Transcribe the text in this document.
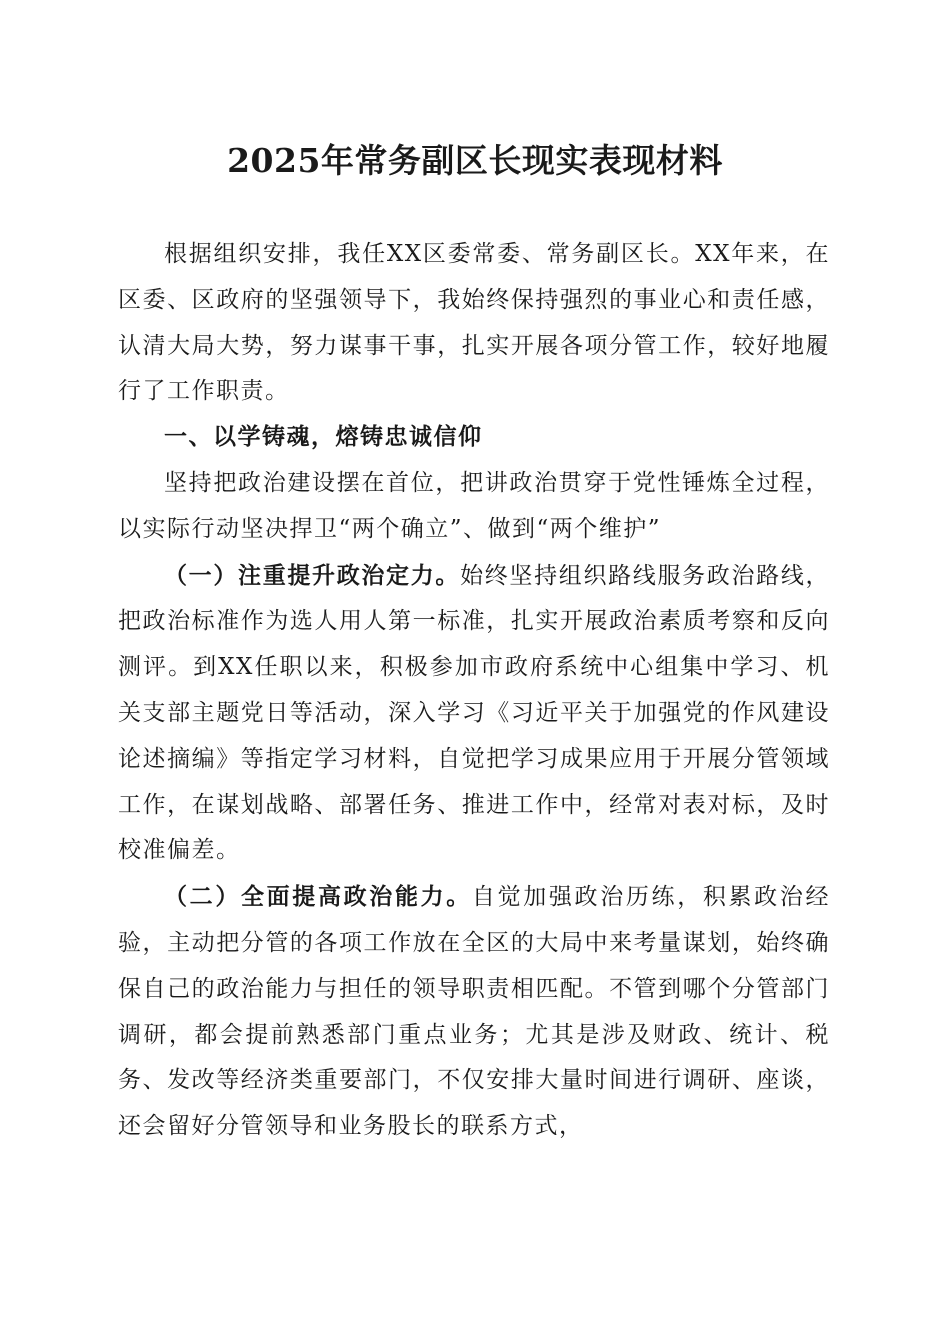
2025年常务副区长现实表现材料

根据组织安排，我任XX区委常委、常务副区长。XX年来，在区委、区政府的坚强领导下，我始终保持强烈的事业心和责任感，认清大局大势，努力谋事干事，扎实开展各项分管工作，较好地履行了工作职责。

一、以学铸魂，熔铸忠诚信仰

坚持把政治建设摆在首位，把讲政治贯穿于党性锤炼全过程，以实际行动坚决捍卫“两个确立”、做到“两个维护”

（一）注重提升政治定力。始终坚持组织路线服务政治路线，把政治标准作为选人用人第一标准，扎实开展政治素质考察和反向测评。到XX任职以来，积极参加市政府系统中心组集中学习、机关支部主题党日等活动，深入学习《习近平关于加强党的作风建设论述摘编》等指定学习材料，自觉把学习成果应用于开展分管领域工作，在谋划战略、部署任务、推进工作中，经常对表对标，及时校准偏差。

（二）全面提高政治能力。自觉加强政治历练，积累政治经验，主动把分管的各项工作放在全区的大局中来考量谋划，始终确保自己的政治能力与担任的领导职责相匹配。不管到哪个分管部门调研，都会提前熟悉部门重点业务；尤其是涉及财政、统计、税务、发改等经济类重要部门，不仅安排大量时间进行调研、座谈，还会留好分管领导和业务股长的联系方式，
